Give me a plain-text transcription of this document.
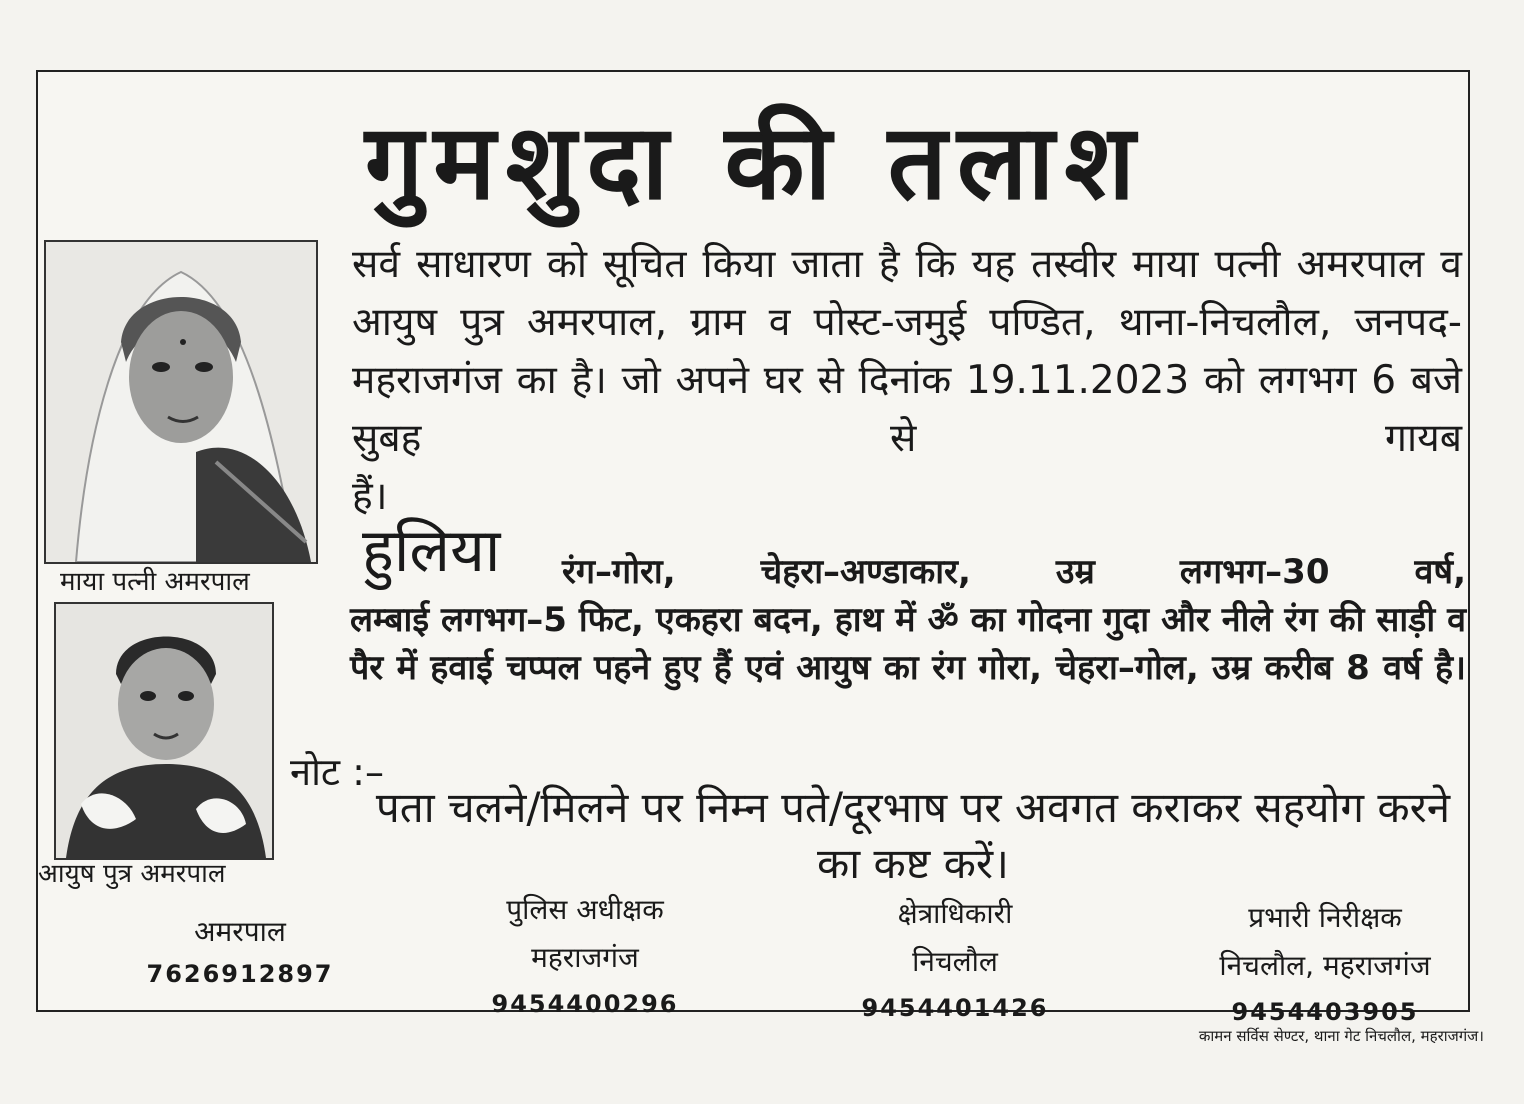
गुमशुदा की तलाश
माया पत्नी अमरपाल
आयुष पुत्र अमरपाल
सर्व साधारण को सूचित किया जाता है कि यह तस्वीर माया पत्नी अमरपाल व आयुष पुत्र अमरपाल, ग्राम व पोस्ट-जमुई पण्डित, थाना-निचलौल, जनपद-महराजगंज का है। जो अपने घर से दिनांक 19.11.2023 को लगभग 6 बजे सुबह से गायब
हैं।
हुलिया	रंग–गोरा, चेहरा–अण्डाकार, उम्र लगभग–30 वर्ष,
लम्बाई लगभग–5 फिट, एकहरा बदन, हाथ में ॐ का गोदना गुदा और नीले रंग की साड़ी व पैर में हवाई चप्पल पहने हुए हैं एवं आयुष का रंग गोरा, चेहरा–गोल, उम्र करीब 8 वर्ष है।
नोट :–
पता चलने/मिलने पर निम्न पते/दूरभाष पर अवगत कराकर सहयोग करने का कष्ट करें।
अमरपाल
7626912897
पुलिस अधीक्षक
महराजगंज
9454400296
क्षेत्राधिकारी
निचलौल
9454401426
प्रभारी निरीक्षक
निचलौल, महराजगंज
9454403905
कामन सर्विस सेण्टर, थाना गेट निचलौल, महराजगंज।
